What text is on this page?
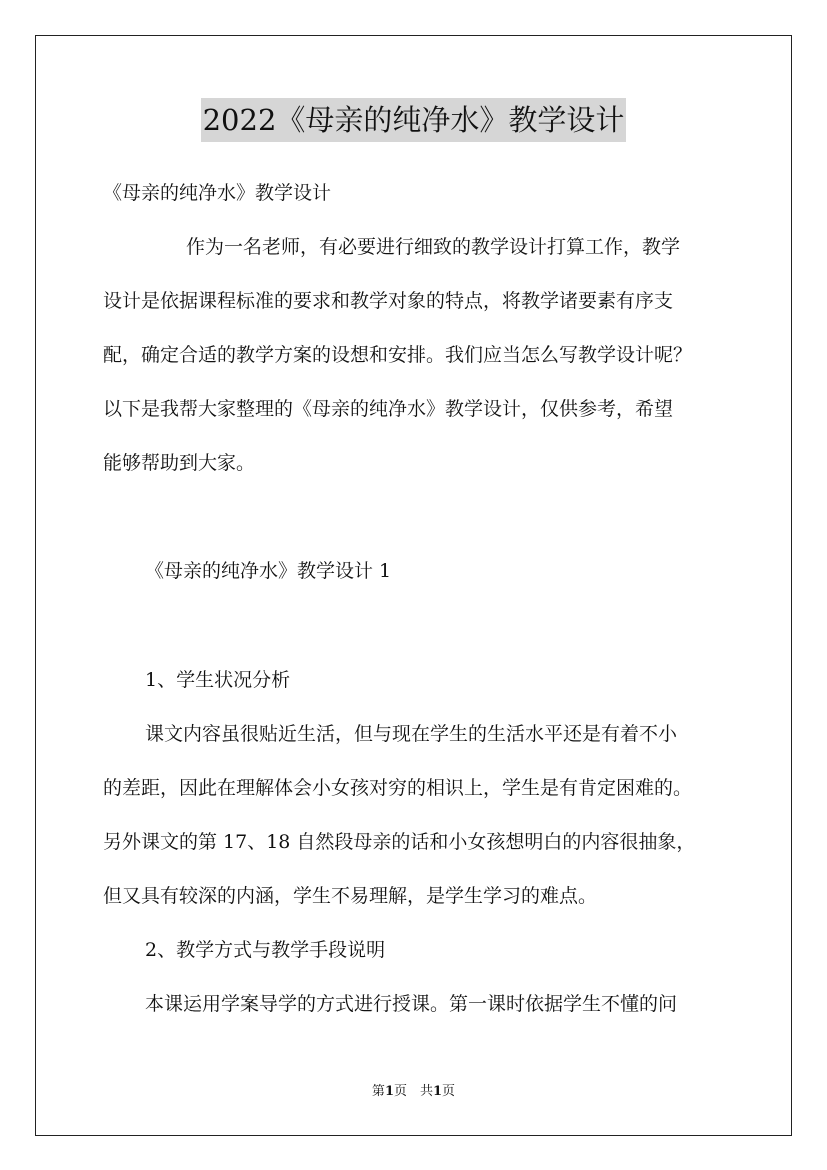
2022《母亲的纯净水》教学设计
《母亲的纯净水》教学设计
作为一名老师，有必要进行细致的教学设计打算工作，教学
设计是依据课程标准的要求和教学对象的特点，将教学诸要素有序支
配，确定合适的教学方案的设想和安排。我们应当怎么写教学设计呢？
以下是我帮大家整理的《母亲的纯净水》教学设计，仅供参考，希望
能够帮助到大家。
《母亲的纯净水》教学设计 1
1、学生状况分析
课文内容虽很贴近生活，但与现在学生的生活水平还是有着不小
的差距，因此在理解体会小女孩对穷的相识上，学生是有肯定困难的。
另外课文的第 17、18 自然段母亲的话和小女孩想明白的内容很抽象，
但又具有较深的内涵，学生不易理解，是学生学习的难点。
2、教学方式与教学手段说明
本课运用学案导学的方式进行授课。第一课时依据学生不懂的问
第1页　共1页
